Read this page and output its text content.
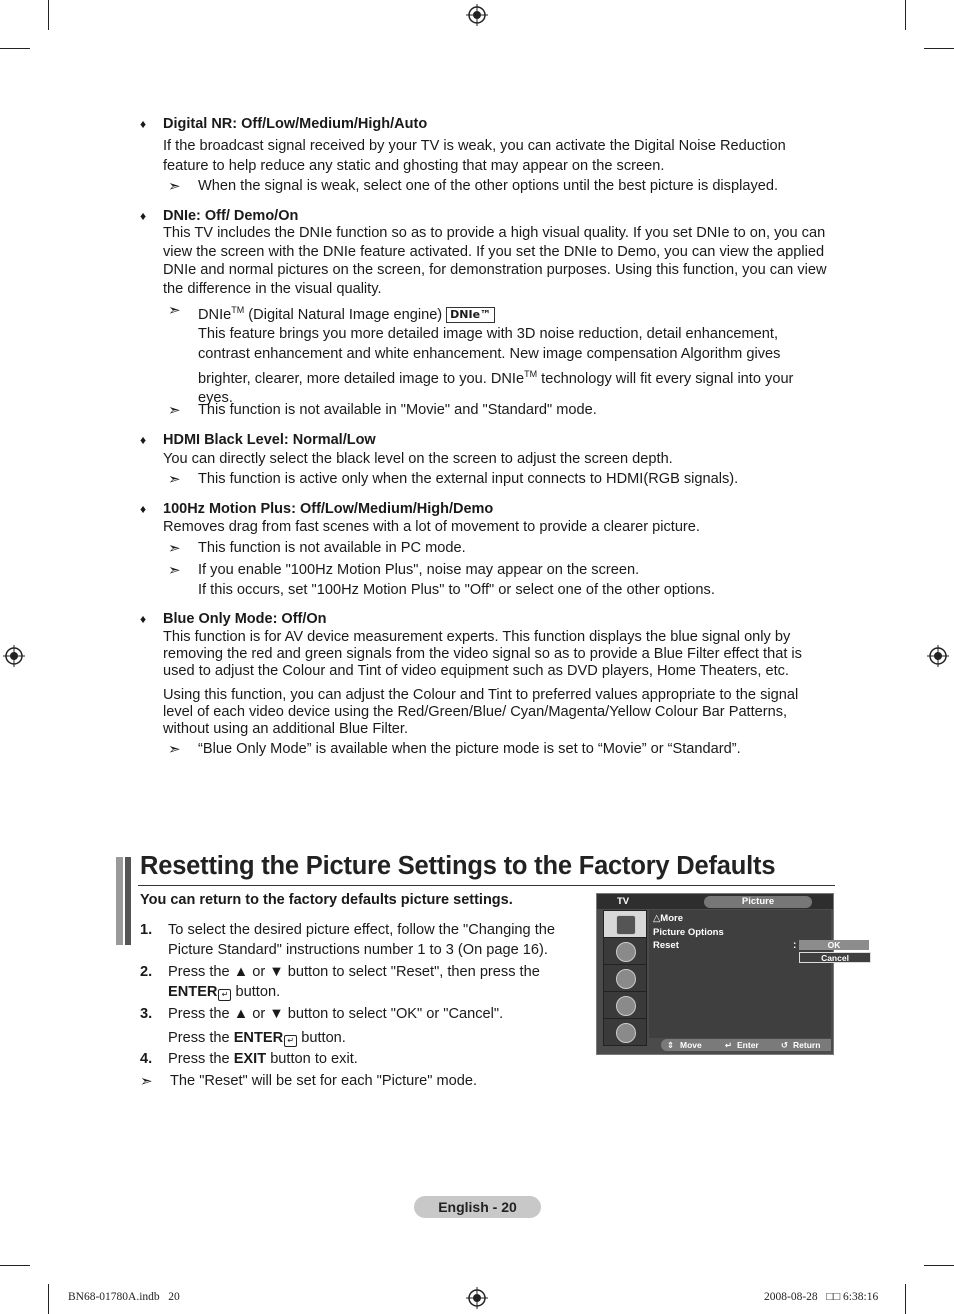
♦ Digital NR: Off/Low/Medium/High/Auto
If the broadcast signal received by your TV is weak, you can activate the Digital Noise Reduction
feature to help reduce any static and ghosting that may appear on the screen.
➣ When the signal is weak, select one of the other options until the best picture is displayed.
♦ DNIe: Off/ Demo/On
This TV includes the DNIe function so as to provide a high visual quality. If you set DNIe to on, you can
view the screen with the DNIe feature activated. If you set the DNIe to Demo, you can view the applied
DNIe and normal pictures on the screen, for demonstration purposes. Using this function, you can view
the difference in the visual quality.
➣ DNIe™ (Digital Natural Image engine) DNIe™
This feature brings you more detailed image with 3D noise reduction, detail enhancement,
contrast enhancement and white enhancement. New image compensation Algorithm gives
brighter, clearer, more detailed image to you. DNIe™ technology will fit every signal into your
eyes.
➣ This function is not available in "Movie" and "Standard" mode.
♦ HDMI Black Level: Normal/Low
You can directly select the black level on the screen to adjust the screen depth.
➣ This function is active only when the external input connects to HDMI(RGB signals).
♦ 100Hz Motion Plus: Off/Low/Medium/High/Demo
Removes drag from fast scenes with a lot of movement to provide a clearer picture.
➣ This function is not available in PC mode.
➣ If you enable "100Hz Motion Plus", noise may appear on the screen.
If this occurs, set "100Hz Motion Plus" to "Off" or select one of the other options.
♦ Blue Only Mode: Off/On
This function is for AV device measurement experts. This function displays the blue signal only by
removing the red and green signals from the video signal so as to provide a Blue Filter effect that is
used to adjust the Colour and Tint of video equipment such as DVD players, Home Theaters, etc.
Using this function, you can adjust the Colour and Tint to preferred values appropriate to the signal
level of each video device using the Red/Green/Blue/ Cyan/Magenta/Yellow Colour Bar Patterns,
without using an additional Blue Filter.
➣ “Blue Only Mode” is available when the picture mode is set to “Movie” or “Standard”.
Resetting the Picture Settings to the Factory Defaults
You can return to the factory defaults picture settings.
1. To select the desired picture effect, follow the "Changing the
Picture Standard" instructions number 1 to 3 (On page 16).
2. Press the ▲ or ▼ button to select "Reset", then press the
ENTER ↵ button.
3. Press the ▲ or ▼ button to select "OK" or "Cancel".
Press the ENTER ↵ button.
4. Press the EXIT button to exit.
➣ The "Reset" will be set for each "Picture" mode.
TV	Picture
△More
Picture Options
Reset	:	OK
Cancel
⇕ Move	↵ Enter	↺ Return
English - 20
BN68-01780A.indb   20	2008-08-28   □□ 6:38:16
